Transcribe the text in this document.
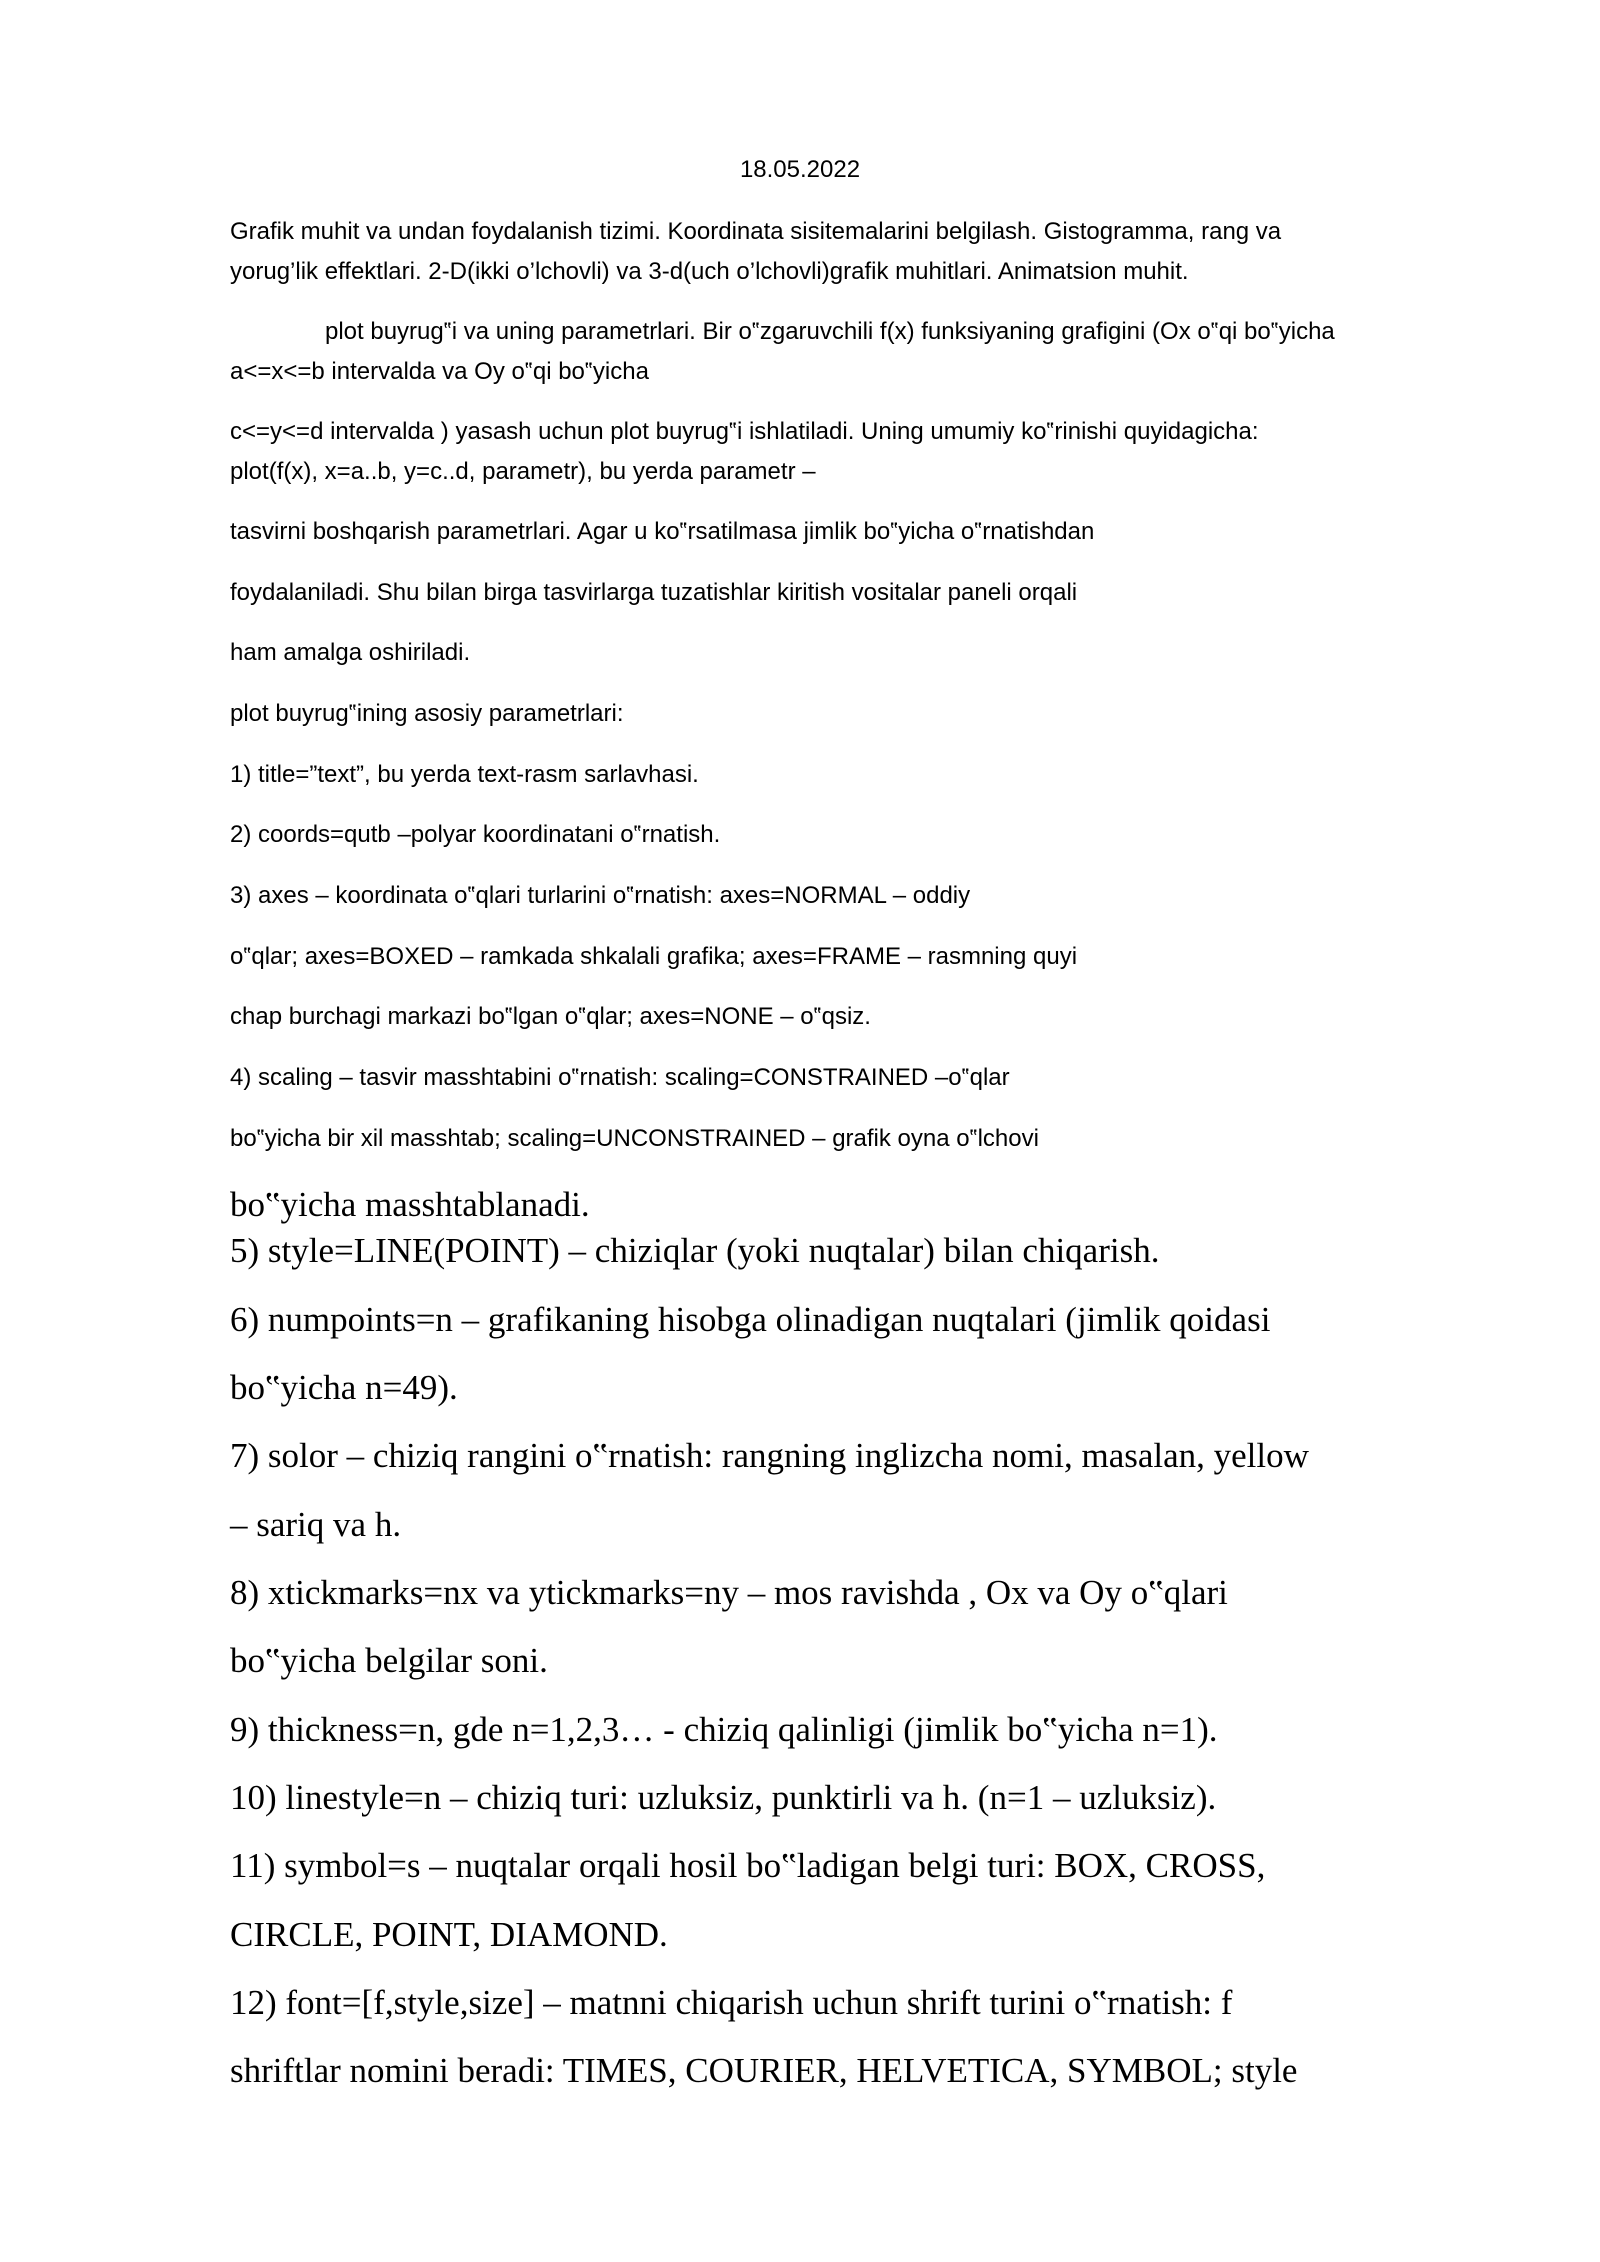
18.05.2022
Grafik muhit va undan foydalanish tizimi. Koordinata sisitemalarini belgilash. Gistogramma, rang va
yorug’lik effektlari. 2-D(ikki o’lchovli) va 3-d(uch o’lchovli)grafik muhitlari. Animatsion muhit.
plot buyrug‟i va uning parametrlari. Bir o‟zgaruvchili f(x) funksiyaning grafigini (Ox o‟qi bo‟yicha
a<=x<=b intervalda va Oy o‟qi bo‟yicha
c<=y<=d intervalda ) yasash uchun plot buyrug‟i ishlatiladi. Uning umumiy ko‟rinishi quyidagicha:
plot(f(x), x=a..b, y=c..d, parametr), bu yerda parametr –
tasvirni boshqarish parametrlari. Agar u ko‟rsatilmasa jimlik bo‟yicha o‟rnatishdan
foydalaniladi. Shu bilan birga tasvirlarga tuzatishlar kiritish vositalar paneli orqali
ham amalga oshiriladi.
plot buyrug‟ining asosiy parametrlari:
1) title=”text”, bu yerda text-rasm sarlavhasi.
2) coords=qutb –polyar koordinatani o‟rnatish.
3) axes – koordinata o‟qlari turlarini o‟rnatish: axes=NORMAL – oddiy
o‟qlar; axes=BOXED – ramkada shkalali grafika; axes=FRAME – rasmning quyi
chap burchagi markazi bo‟lgan o‟qlar; axes=NONE – o‟qsiz.
4) scaling – tasvir masshtabini o‟rnatish: scaling=CONSTRAINED –o‟qlar
bo‟yicha bir xil masshtab; scaling=UNCONSTRAINED – grafik oyna o‟lchovi
bo‟yicha masshtablanadi.
5) style=LINE(POINT) – chiziqlar (yoki nuqtalar) bilan chiqarish.
6) numpoints=n – grafikaning hisobga olinadigan nuqtalari (jimlik qoidasi
bo‟yicha n=49).
7) solor – chiziq rangini o‟rnatish: rangning inglizcha nomi, masalan, yellow
– sariq va h.
8) xtickmarks=nx va ytickmarks=ny – mos ravishda , Ox va Oy o‟qlari
bo‟yicha belgilar soni.
9) thickness=n, gde n=1,2,3… - chiziq qalinligi (jimlik bo‟yicha n=1).
10) linestyle=n – chiziq turi: uzluksiz, punktirli va h. (n=1 – uzluksiz).
11) symbol=s – nuqtalar orqali hosil bo‟ladigan belgi turi: BOX, CROSS,
CIRCLE, POINT, DIAMOND.
12) font=[f,style,size] – matnni chiqarish uchun shrift turini o‟rnatish: f
shriftlar nomini beradi: TIMES, COURIER, HELVETICA, SYMBOL; style
